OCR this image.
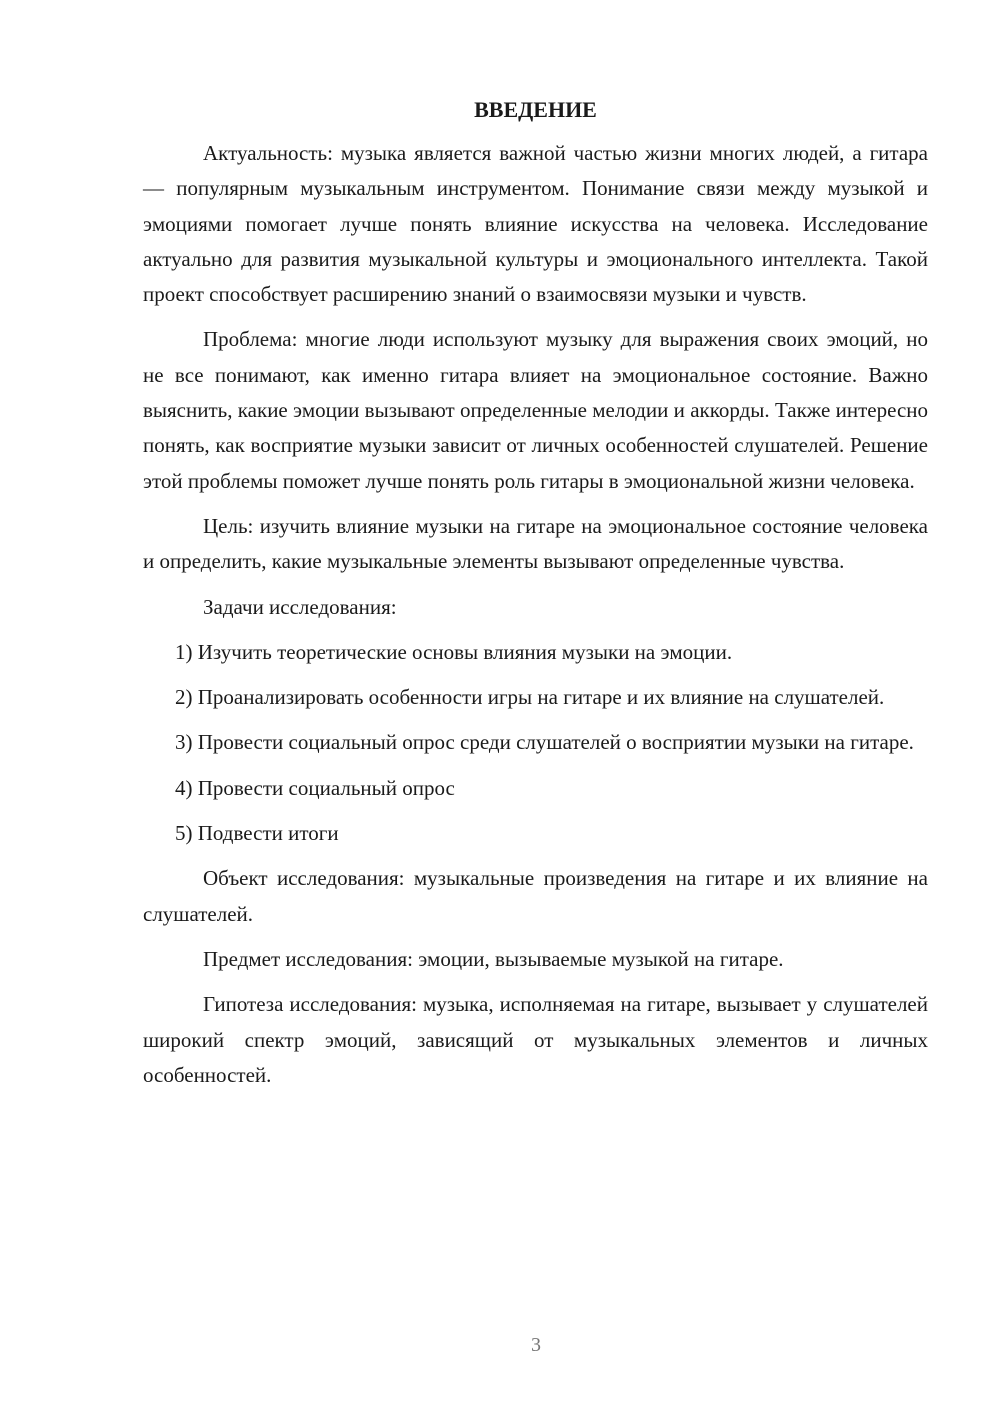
ВВЕДЕНИЕ

Актуальность: музыка является важной частью жизни многих людей, а гитара — популярным музыкальным инструментом. Понимание связи между музыкой и эмоциями помогает лучше понять влияние искусства на человека. Исследование актуально для развития музыкальной культуры и эмоционального интеллекта. Такой проект способствует расширению знаний о взаимосвязи музыки и чувств.

Проблема: многие люди используют музыку для выражения своих эмоций, но не все понимают, как именно гитара влияет на эмоциональное состояние. Важно выяснить, какие эмоции вызывают определенные мелодии и аккорды. Также интересно понять, как восприятие музыки зависит от личных особенностей слушателей. Решение этой проблемы поможет лучше понять роль гитары в эмоциональной жизни человека.

Цель: изучить влияние музыки на гитаре на эмоциональное состояние человека и определить, какие музыкальные элементы вызывают определенные чувства.

Задачи исследования:

1) Изучить теоретические основы влияния музыки на эмоции.

2) Проанализировать особенности игры на гитаре и их влияние на слушателей.

3) Провести социальный опрос среди слушателей о восприятии музыки на гитаре.

4) Провести социальный опрос

5) Подвести итоги

Объект исследования: музыкальные произведения на гитаре и их влияние на слушателей.

Предмет исследования: эмоции, вызываемые музыкой на гитаре.

Гипотеза исследования: музыка, исполняемая на гитаре, вызывает у слушателей широкий спектр эмоций, зависящий от музыкальных элементов и личных особенностей.

3
